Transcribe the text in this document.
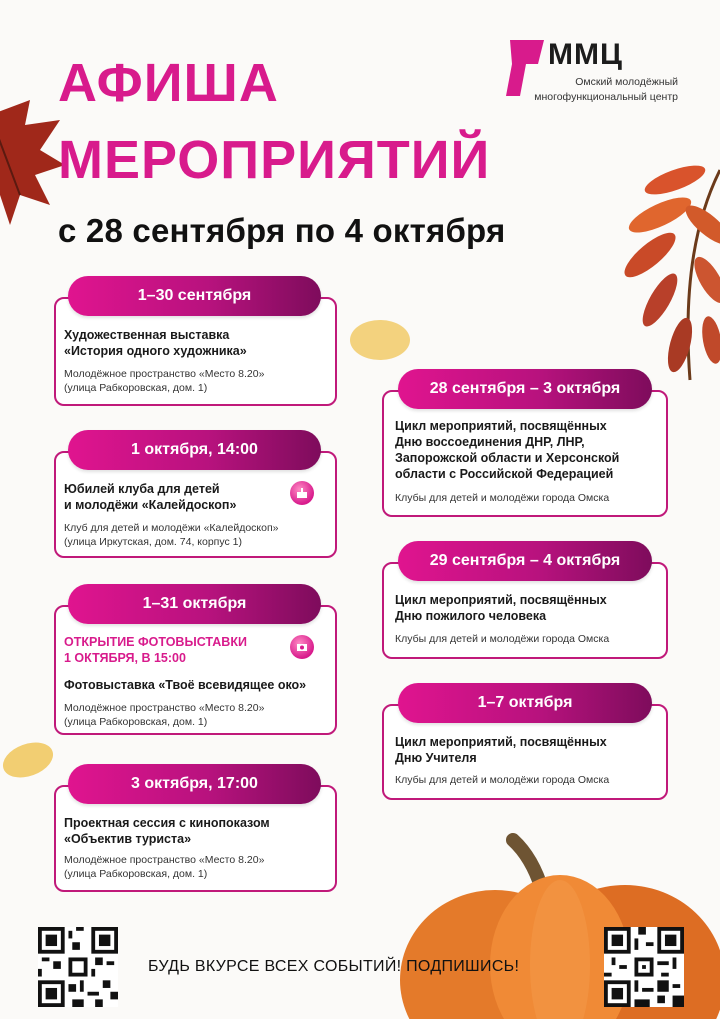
АФИША
МЕРОПРИЯТИЙ

с 28 сентября по 4 октября

ММЦ
Омский молодёжный
многофункциональный центр
1–30 сентября
Художественная выставка
«История одного художника»
Молодёжное пространство «Место 8.20»
(улица Рабкоровская, дом. 1)
1 октября, 14:00
Юбилей клуба для детей
и молодёжи «Калейдоскоп»
Клуб для детей и молодёжи «Калейдоскоп»
(улица Иркутская, дом. 74, корпус 1)
1–31 октября
ОТКРЫТИЕ ФОТОВЫСТАВКИ
1 ОКТЯБРЯ, В 15:00
Фотовыставка «Твоё всевидящее око»
Молодёжное пространство «Место 8.20»
(улица Рабкоровская, дом. 1)
3 октября, 17:00
Проектная сессия с кинопоказом
«Объектив туриста»
Молодёжное пространство «Место 8.20»
(улица Рабкоровская, дом. 1)
28 сентября – 3 октября
Цикл мероприятий, посвящённых
Дню воссоединения ДНР, ЛНР,
Запорожской области и Херсонской
области с Российской Федерацией
Клубы для детей и молодёжи города Омска
29 сентября – 4 октября
Цикл мероприятий, посвящённых
Дню пожилого человека
Клубы для детей и молодёжи города Омска
1–7 октября
Цикл мероприятий, посвящённых
Дню Учителя
Клубы для детей и молодёжи города Омска
БУДЬ ВКУРСЕ ВСЕХ СОБЫТИЙ! ПОДПИШИСЬ!
